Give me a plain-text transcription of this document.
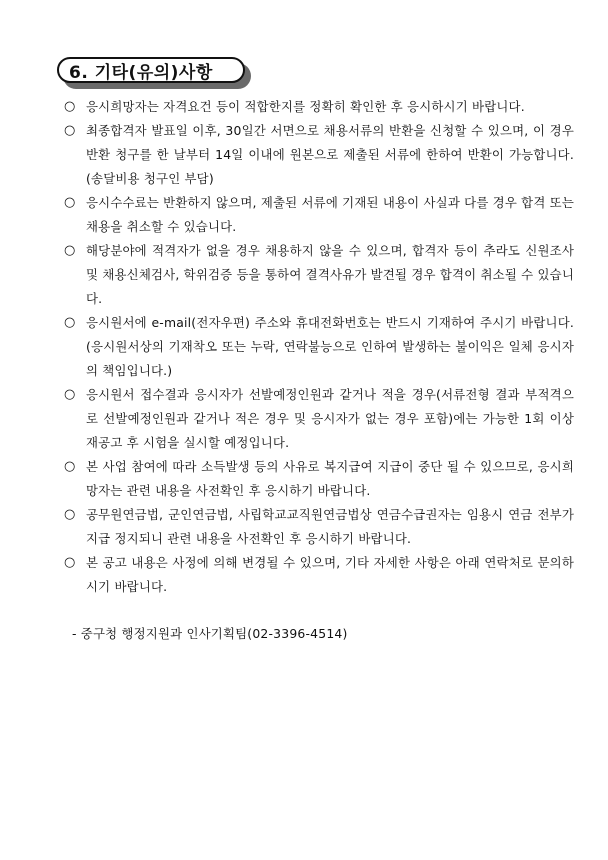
6. 기타(유의)사항
○ 응시희망자는 자격요건 등이 적합한지를 정확히 확인한 후 응시하시기 바랍니다.
○ 최종합격자 발표일 이후, 30일간 서면으로 채용서류의 반환을 신청할 수 있으며, 이 경우 반환 청구를 한 날부터 14일 이내에 원본으로 제출된 서류에 한하여 반환이 가능합니다.(송달비용 청구인 부담)
○ 응시수수료는 반환하지 않으며, 제출된 서류에 기재된 내용이 사실과 다를 경우 합격 또는 채용을 취소할 수 있습니다.
○ 해당분야에 적격자가 없을 경우 채용하지 않을 수 있으며, 합격자 등이 추라도 신원조사 및 채용신체검사, 학위검증 등을 통하여 결격사유가 발견될 경우 합격이 취소될 수 있습니다.
○ 응시원서에 e-mail(전자우편) 주소와 휴대전화번호는 반드시 기재하여 주시기 바랍니다.(응시원서상의 기재착오 또는 누락, 연락불능으로 인하여 발생하는 불이익은 일체 응시자의 책임입니다.)
○ 응시원서 접수결과 응시자가 선발예정인원과 같거나 적을 경우(서류전형 결과 부적격으로 선발예정인원과 같거나 적은 경우 및 응시자가 없는 경우 포함)에는 가능한 1회 이상 재공고 후 시험을 실시할 예정입니다.
○ 본 사업 참여에 따라 소득발생 등의 사유로 복지급여 지급이 중단 될 수 있으므로, 응시희망자는 관련 내용을 사전확인 후 응시하기 바랍니다.
○ 공무원연금법, 군인연금법, 사립학교교직원연금법상 연금수급권자는 임용시 연금 전부가 지급 정지되니 관련 내용을 사전확인 후 응시하기 바랍니다.
○ 본 공고 내용은 사정에 의해 변경될 수 있으며, 기타 자세한 사항은 아래 연락처로 문의하시기 바랍니다.
- 중구청 행정지원과 인사기획팀(02-3396-4514)
